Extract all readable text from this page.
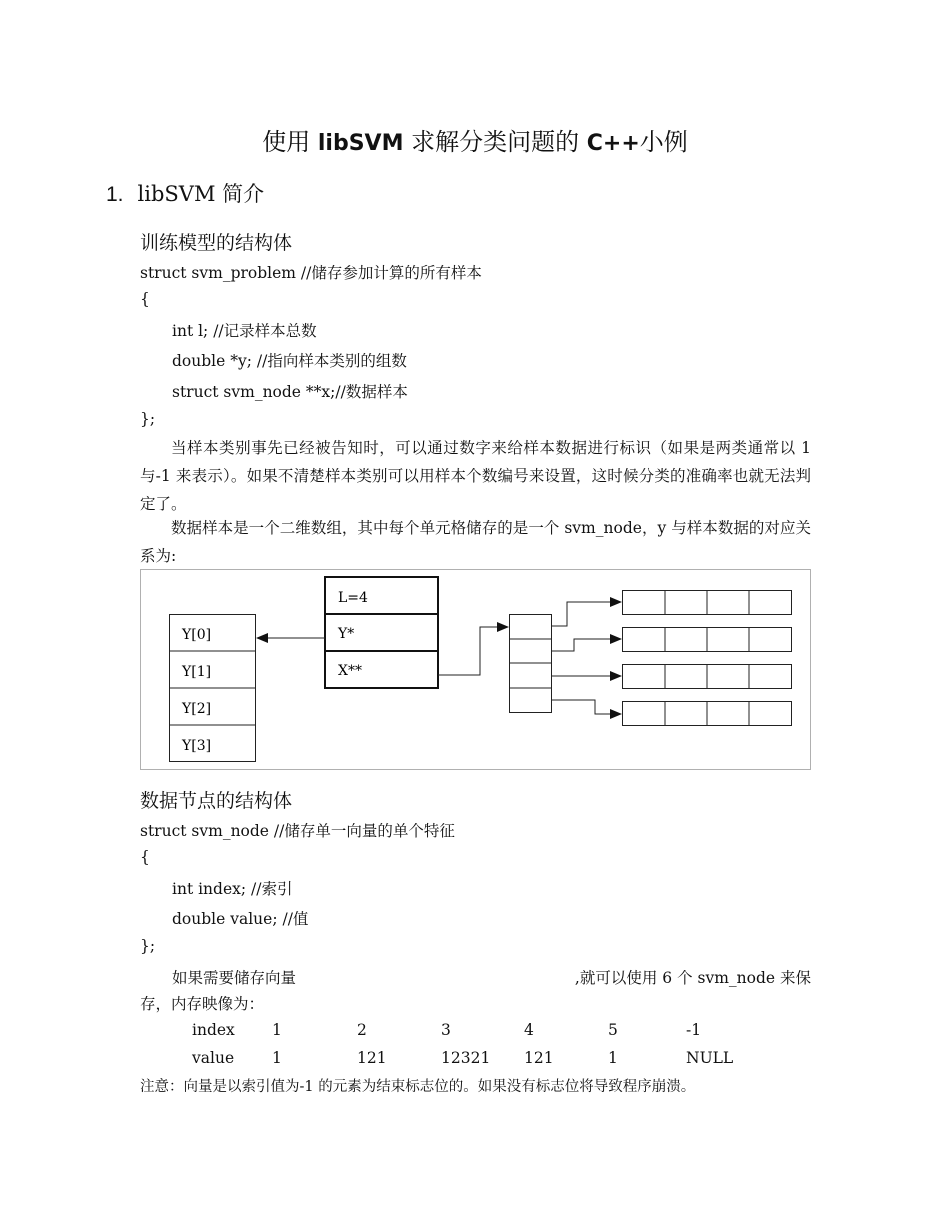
使用 libSVM 求解分类问题的 C++小例
1. libSVM 简介
训练模型的结构体
struct svm_problem //储存参加计算的所有样本
{
int l; //记录样本总数
double *y; //指向样本类别的组数
struct svm_node **x;//数据样本
};
当样本类别事先已经被告知时，可以通过数字来给样本数据进行标识（如果是两类通常以 1 与-1 来表示）。如果不清楚样本类别可以用样本个数编号来设置，这时候分类的准确率也就无法判定了。
数据样本是一个二维数组，其中每个单元格储存的是一个 svm_node，y 与样本数据的对应关系为:
Y[0]
Y[1]
Y[2]
Y[3]
L=4
Y*
X**
数据节点的结构体
struct svm_node //储存单一向量的单个特征
{
int index; //索引
double value; //值
};
如果需要储存向量	,就可以使用 6 个 svm_node 来保
存，内存映像为：
index	1	2	3	4	5	-1
value	1	121	12321	121	1	NULL
注意：向量是以索引值为-1 的元素为结束标志位的。如果没有标志位将导致程序崩溃。
